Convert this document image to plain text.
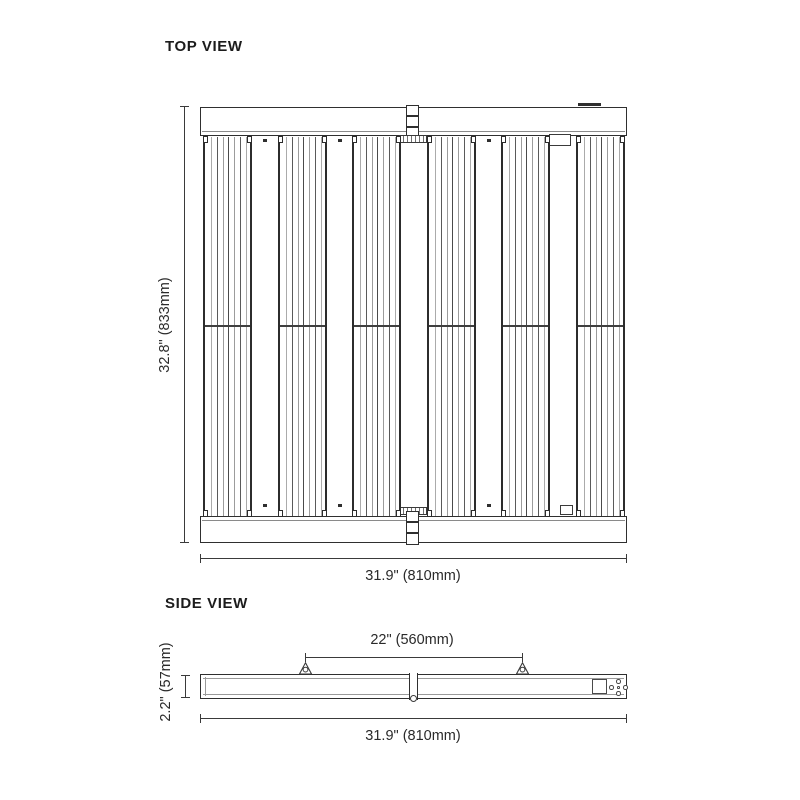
TOP VIEW
32.8" (833mm)
31.9" (810mm)
SIDE VIEW
22" (560mm)
2.2" (57mm)
31.9" (810mm)
